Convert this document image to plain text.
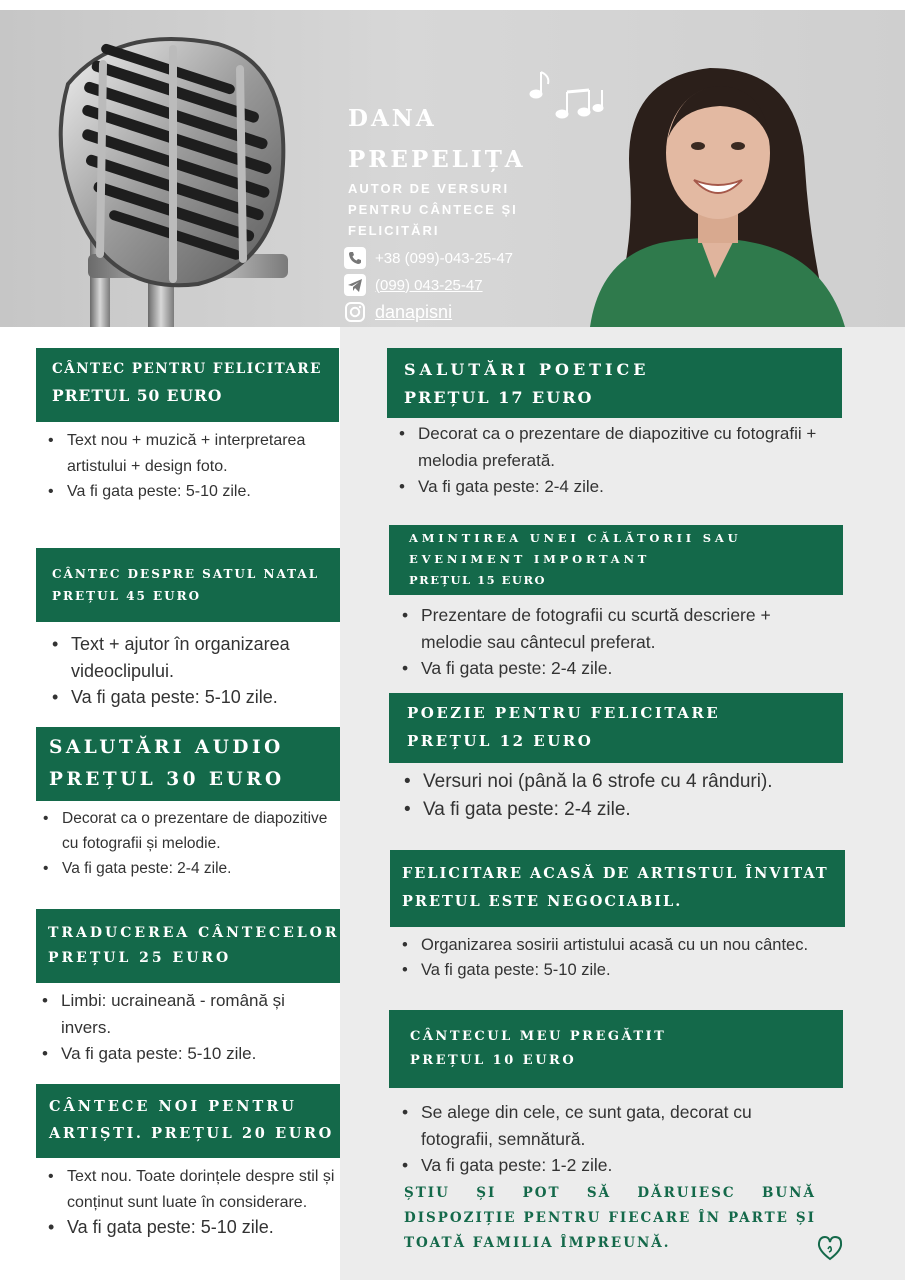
DANA
PREPELIȚA
AUTOR DE VERSURI
PENTRU CÂNTECE ȘI
FELICITĂRI
+38 (099)-043-25-47
(099) 043-25-47
danapisni
CÂNTEC PENTRU FELICITARE
PRETUL 50 EURO
• Text nou + muzică + interpretarea artistului + design foto.
• Va fi gata peste: 5-10 zile.
CÂNTEC DESPRE SATUL NATAL
PREȚUL 45 EURO
• Text + ajutor în organizarea videoclipului.
• Va fi gata peste: 5-10 zile.
SALUTĂRI AUDIO
PREȚUL 30 EURO
• Decorat ca o prezentare de diapozitive cu fotografii și melodie.
• Va fi gata peste: 2-4 zile.
TRADUCEREA CÂNTECELOR
PREȚUL 25 EURO
• Limbi: ucraineană - română și invers.
• Va fi gata peste: 5-10 zile.
CÂNTECE NOI PENTRU
ARTIȘTI. PREȚUL 20 EURO
• Text nou. Toate dorințele despre stil și conținut sunt luate în considerare.
• Va fi gata peste: 5-10 zile.
SALUTĂRI POETICE
PREȚUL 17 EURO
• Decorat ca o prezentare de diapozitive cu fotografii + melodia preferată.
• Va fi gata peste: 2-4 zile.
AMINTIREA UNEI CĂLĂTORII SAU
EVENIMENT IMPORTANT
PREȚUL 15 EURO
• Prezentare de fotografii cu scurtă descriere + melodie sau cântecul preferat.
• Va fi gata peste: 2-4 zile.
POEZIE PENTRU FELICITARE
PREȚUL 12 EURO
• Versuri noi (până la 6 strofe cu 4 rânduri).
• Va fi gata peste: 2-4 zile.
FELICITARE ACASĂ DE ARTISTUL ÎNVITAT
PRETUL ESTE NEGOCIABIL.
• Organizarea sosirii artistului acasă cu un nou cântec.
• Va fi gata peste: 5-10 zile.
CÂNTECUL MEU PREGĂTIT
PREȚUL 10 EURO
• Se alege din cele, ce sunt gata, decorat cu fotografii, semnătură.
• Va fi gata peste: 1-2 zile.
ȘTIU ȘI POT SĂ DĂRUIESC BUNĂ DISPOZIȚIE PENTRU FIECARE ÎN PARTE ȘI TOATĂ FAMILIA ÎMPREUNĂ.
